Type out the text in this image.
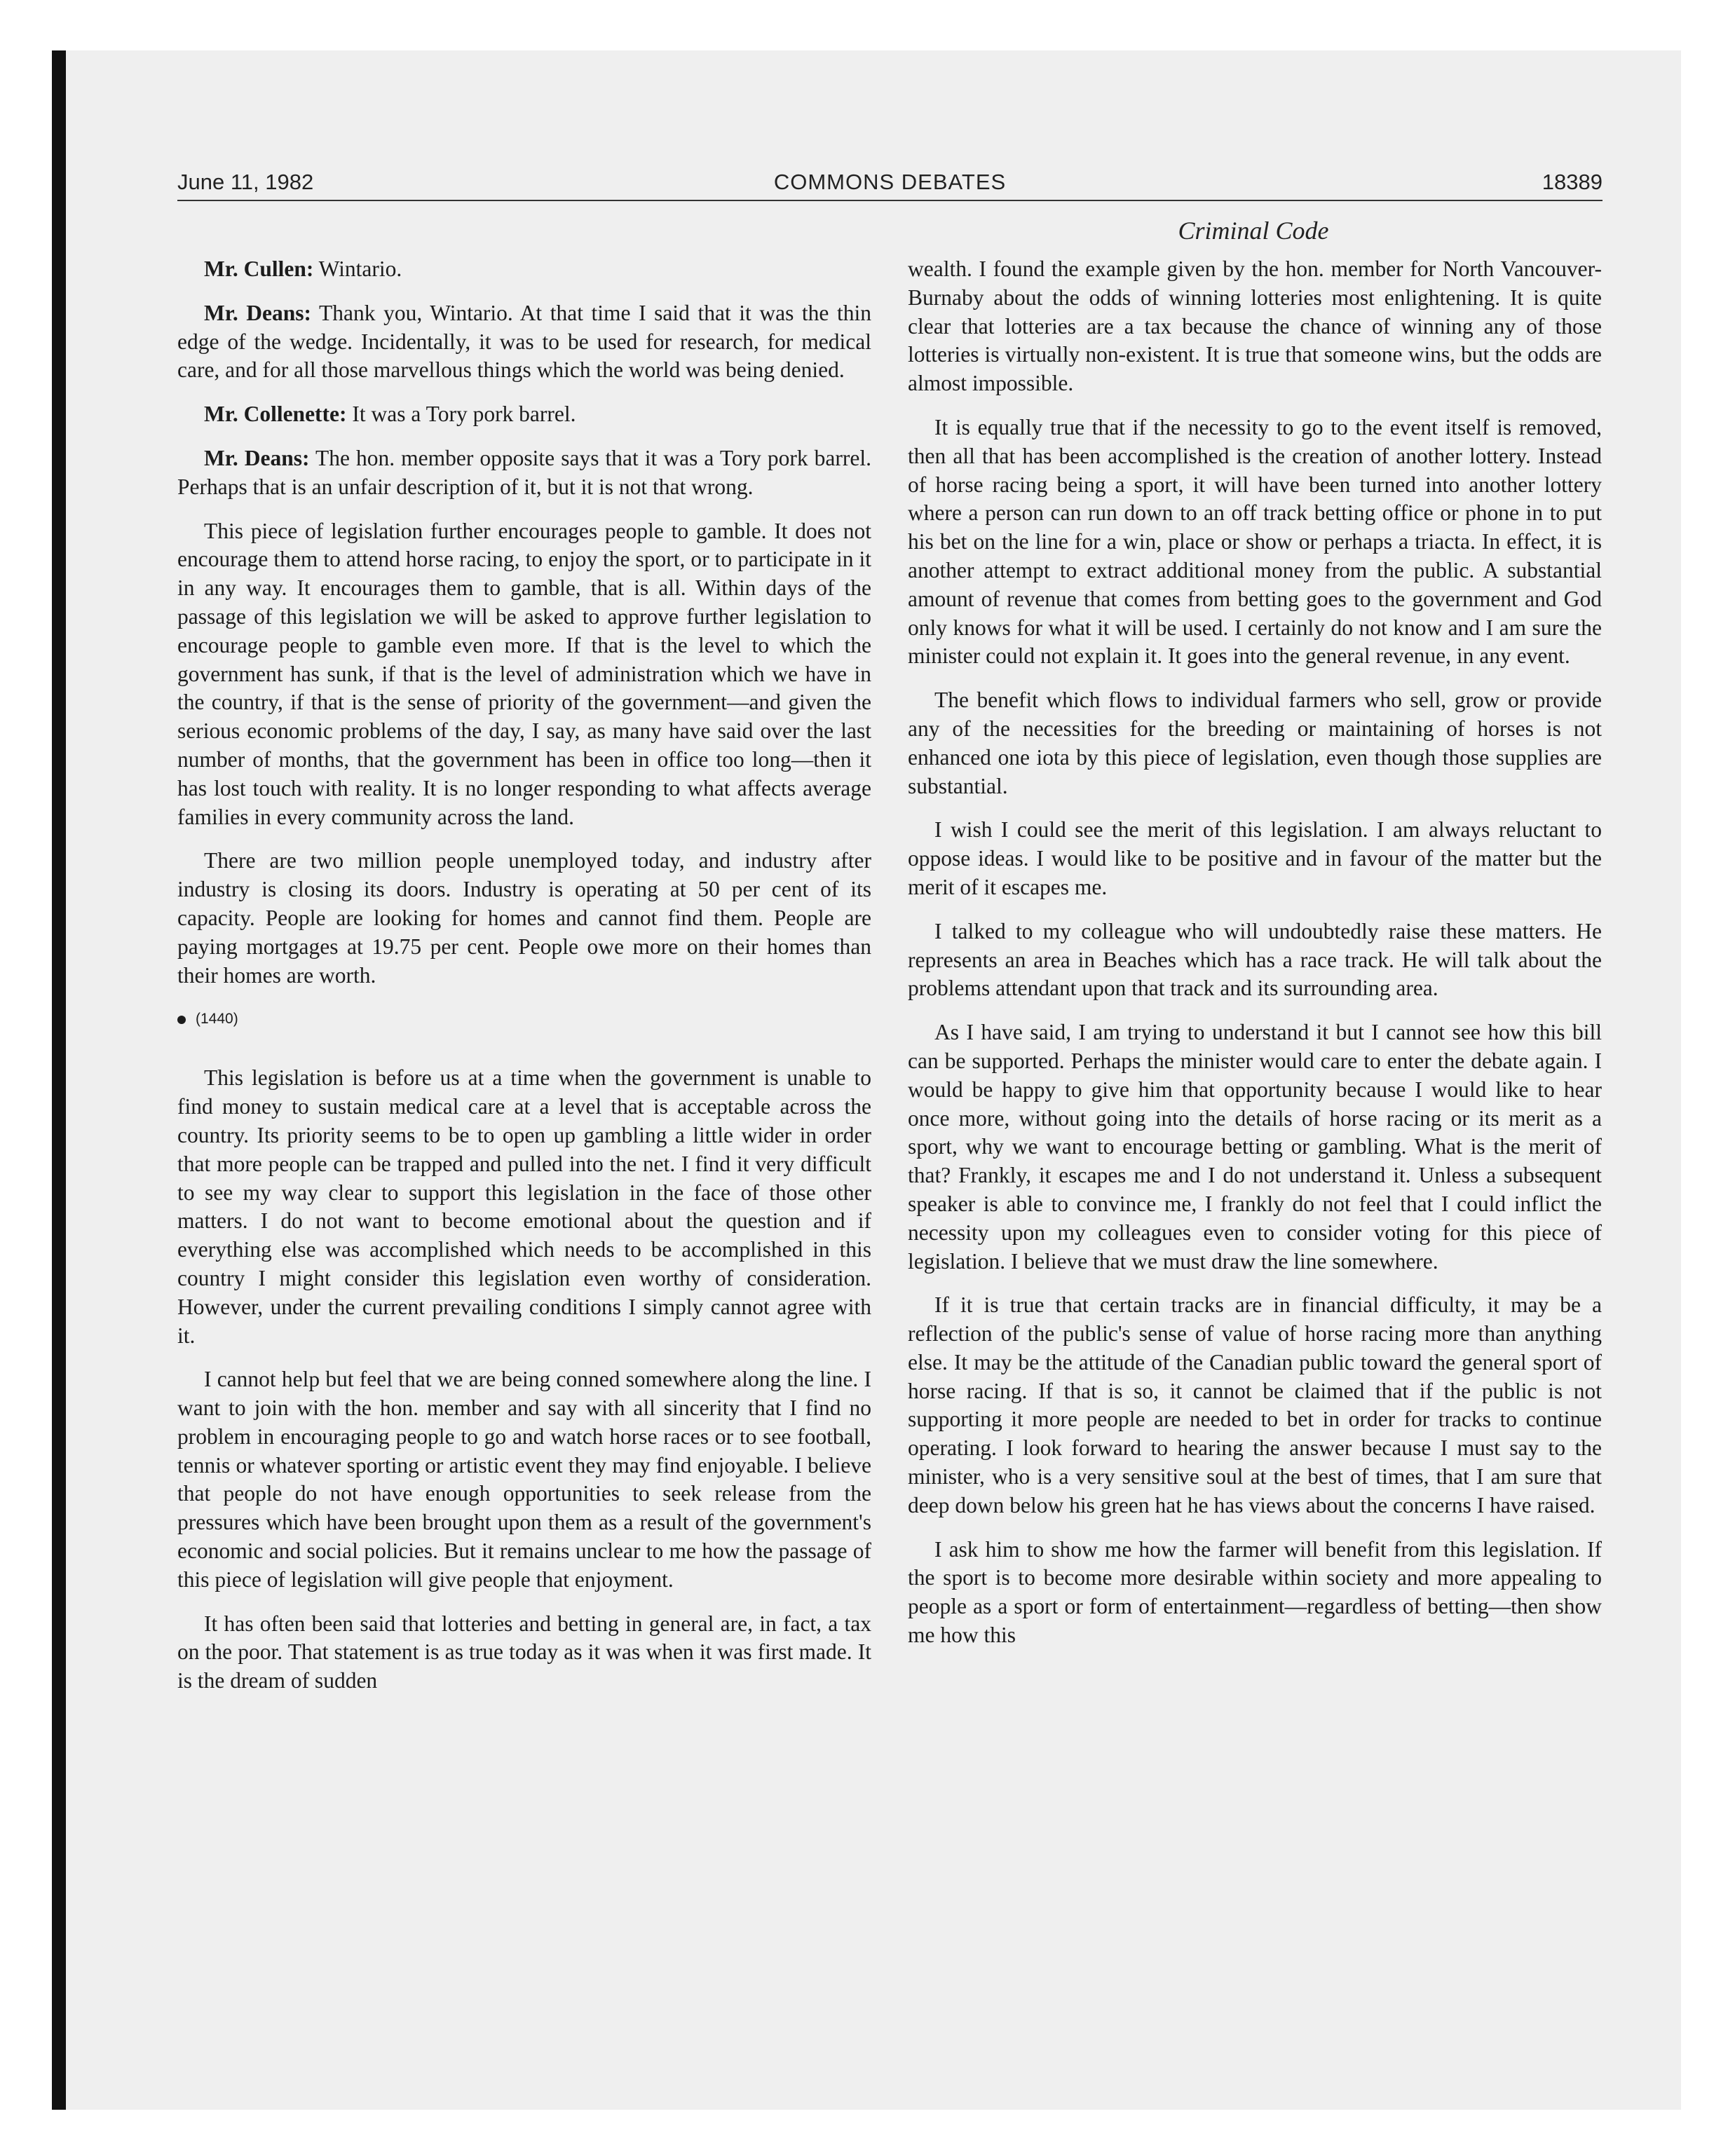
June 11, 1982	COMMONS DEBATES	18389
Criminal Code

Mr. Cullen: Wintario.

Mr. Deans: Thank you, Wintario. At that time I said that it was the thin edge of the wedge. Incidentally, it was to be used for research, for medical care, and for all those marvellous things which the world was being denied.

Mr. Collenette: It was a Tory pork barrel.

Mr. Deans: The hon. member opposite says that it was a Tory pork barrel. Perhaps that is an unfair description of it, but it is not that wrong.

This piece of legislation further encourages people to gamble. It does not encourage them to attend horse racing, to enjoy the sport, or to participate in it in any way. It encourages them to gamble, that is all. Within days of the passage of this legislation we will be asked to approve further legislation to encourage people to gamble even more. If that is the level to which the government has sunk, if that is the level of administration which we have in the country, if that is the sense of priority of the government—and given the serious economic problems of the day, I say, as many have said over the last number of months, that the government has been in office too long—then it has lost touch with reality. It is no longer responding to what affects average families in every community across the land.

There are two million people unemployed today, and industry after industry is closing its doors. Industry is operating at 50 per cent of its capacity. People are looking for homes and cannot find them. People are paying mortgages at 19.75 per cent. People owe more on their homes than their homes are worth.

(1440)

This legislation is before us at a time when the government is unable to find money to sustain medical care at a level that is acceptable across the country. Its priority seems to be to open up gambling a little wider in order that more people can be trapped and pulled into the net. I find it very difficult to see my way clear to support this legislation in the face of those other matters. I do not want to become emotional about the question and if everything else was accomplished which needs to be accomplished in this country I might consider this legislation even worthy of consideration. However, under the current prevailing conditions I simply cannot agree with it.

I cannot help but feel that we are being conned somewhere along the line. I want to join with the hon. member and say with all sincerity that I find no problem in encouraging people to go and watch horse races or to see football, tennis or whatever sporting or artistic event they may find enjoyable. I believe that people do not have enough opportunities to seek release from the pressures which have been brought upon them as a result of the government's economic and social policies. But it remains unclear to me how the passage of this piece of legislation will give people that enjoyment.

It has often been said that lotteries and betting in general are, in fact, a tax on the poor. That statement is as true today as it was when it was first made. It is the dream of sudden

wealth. I found the example given by the hon. member for North Vancouver-Burnaby about the odds of winning lotteries most enlightening. It is quite clear that lotteries are a tax because the chance of winning any of those lotteries is virtually non-existent. It is true that someone wins, but the odds are almost impossible.

It is equally true that if the necessity to go to the event itself is removed, then all that has been accomplished is the creation of another lottery. Instead of horse racing being a sport, it will have been turned into another lottery where a person can run down to an off track betting office or phone in to put his bet on the line for a win, place or show or perhaps a triacta. In effect, it is another attempt to extract additional money from the public. A substantial amount of revenue that comes from betting goes to the government and God only knows for what it will be used. I certainly do not know and I am sure the minister could not explain it. It goes into the general revenue, in any event.

The benefit which flows to individual farmers who sell, grow or provide any of the necessities for the breeding or maintaining of horses is not enhanced one iota by this piece of legislation, even though those supplies are substantial.

I wish I could see the merit of this legislation. I am always reluctant to oppose ideas. I would like to be positive and in favour of the matter but the merit of it escapes me.

I talked to my colleague who will undoubtedly raise these matters. He represents an area in Beaches which has a race track. He will talk about the problems attendant upon that track and its surrounding area.

As I have said, I am trying to understand it but I cannot see how this bill can be supported. Perhaps the minister would care to enter the debate again. I would be happy to give him that opportunity because I would like to hear once more, without going into the details of horse racing or its merit as a sport, why we want to encourage betting or gambling. What is the merit of that? Frankly, it escapes me and I do not understand it. Unless a subsequent speaker is able to convince me, I frankly do not feel that I could inflict the necessity upon my colleagues even to consider voting for this piece of legislation. I believe that we must draw the line somewhere.

If it is true that certain tracks are in financial difficulty, it may be a reflection of the public's sense of value of horse racing more than anything else. It may be the attitude of the Canadian public toward the general sport of horse racing. If that is so, it cannot be claimed that if the public is not supporting it more people are needed to bet in order for tracks to continue operating. I look forward to hearing the answer because I must say to the minister, who is a very sensitive soul at the best of times, that I am sure that deep down below his green hat he has views about the concerns I have raised.

I ask him to show me how the farmer will benefit from this legislation. If the sport is to become more desirable within society and more appealing to people as a sport or form of entertainment—regardless of betting—then show me how this
